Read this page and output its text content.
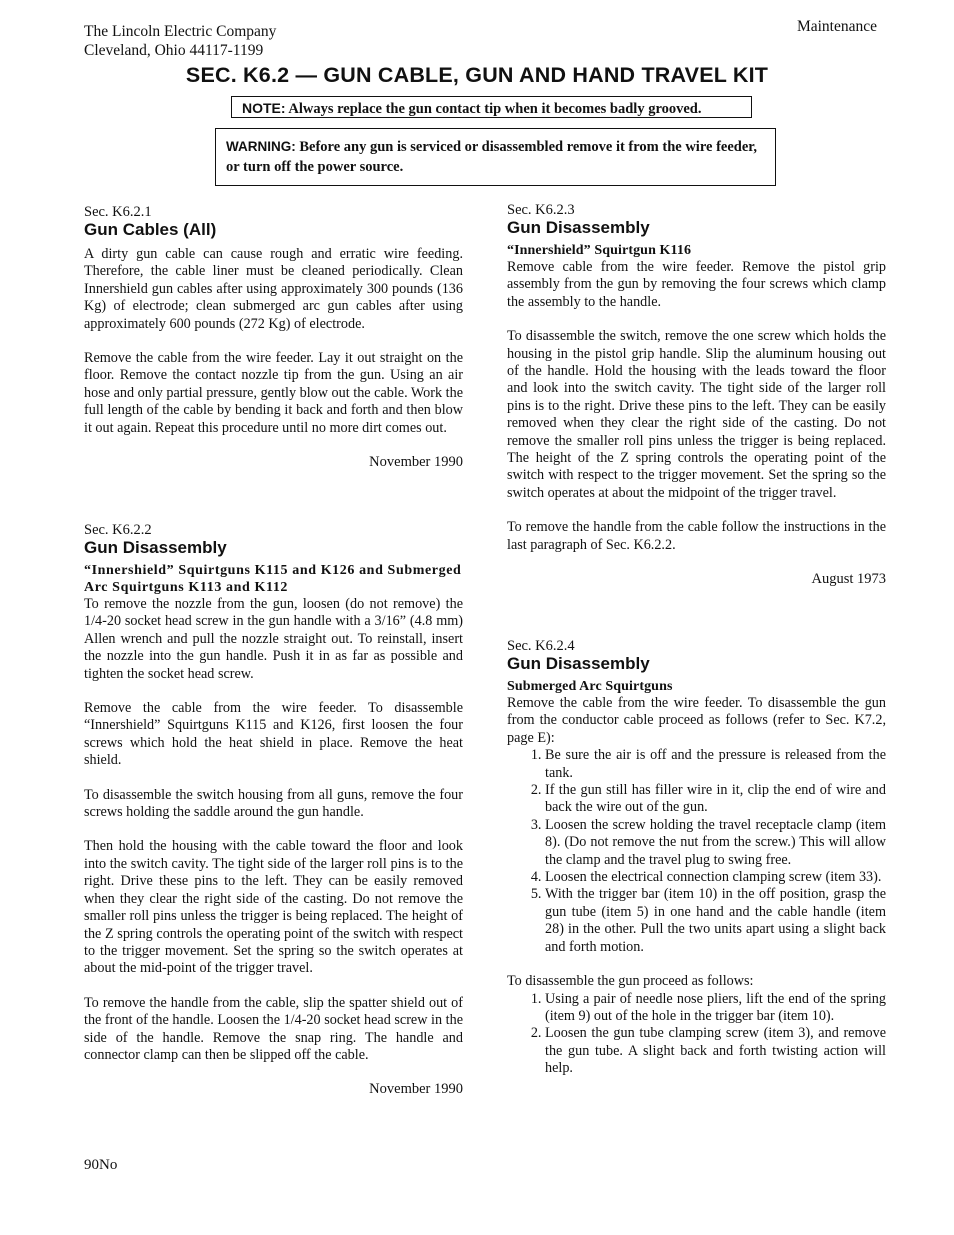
The Lincoln Electric Company
Cleveland, Ohio 44117-1199
Maintenance
SEC. K6.2 — GUN CABLE, GUN AND HAND TRAVEL KIT
NOTE: Always replace the gun contact tip when it becomes badly grooved.
WARNING: Before any gun is serviced or disassembled remove it from the wire feeder, or turn off the power source.
Sec. K6.2.1
Gun Cables (All)

A dirty gun cable can cause rough and erratic wire feeding. Therefore, the cable liner must be cleaned periodically. Clean Innershield gun cables after using approximately 300 pounds (136 Kg) of electrode; clean submerged arc gun cables after using approximately 600 pounds (272 Kg) of electrode.

Remove the cable from the wire feeder. Lay it out straight on the floor. Remove the contact nozzle tip from the gun. Using an air hose and only partial pressure, gently blow out the cable. Work the full length of the cable by bending it back and forth and then blow it out again. Repeat this procedure until no more dirt comes out.

November 1990
Sec. K6.2.2
Gun Disassembly
“Innershield” Squirtguns K115 and K126 and Submerged Arc Squirtguns K113 and K112

To remove the nozzle from the gun, loosen (do not remove) the 1/4-20 socket head screw in the gun handle with a 3/16” (4.8 mm) Allen wrench and pull the nozzle straight out. To reinstall, insert the nozzle into the gun handle. Push it in as far as possible and tighten the socket head screw.

Remove the cable from the wire feeder. To disassemble “Innershield” Squirtguns K115 and K126, first loosen the four screws which hold the heat shield in place. Remove the heat shield.

To disassemble the switch housing from all guns, remove the four screws holding the saddle around the gun handle.

Then hold the housing with the cable toward the floor and look into the switch cavity. The tight side of the larger roll pins is to the right. Drive these pins to the left. They can be easily removed when they clear the right side of the casting. Do not remove the smaller roll pins unless the trigger is being replaced. The height of the Z spring controls the operating point of the switch with respect to the trigger movement. Set the spring so the switch operates at about the mid-point of the trigger travel.

To remove the handle from the cable, slip the spatter shield out of the front of the handle. Loosen the 1/4-20 socket head screw in the side of the handle. Remove the snap ring. The handle and connector clamp can then be slipped off the cable.

November 1990
Sec. K6.2.3
Gun Disassembly
“Innershield” Squirtgun K116

Remove cable from the wire feeder. Remove the pistol grip assembly from the gun by removing the four screws which clamp the assembly to the handle.

To disassemble the switch, remove the one screw which holds the housing in the pistol grip handle. Slip the aluminum housing out of the handle. Hold the housing with the leads toward the floor and look into the switch cavity. The tight side of the larger roll pins is to the right. Drive these pins to the left. They can be easily removed when they clear the right side of the casting. Do not remove the smaller roll pins unless the trigger is being replaced. The height of the Z spring controls the operating point of the switch with respect to the trigger movement. Set the spring so the switch operates at about the midpoint of the trigger travel.

To remove the handle from the cable follow the instructions in the last paragraph of Sec. K6.2.2.

August 1973
Sec. K6.2.4
Gun Disassembly
Submerged Arc Squirtguns

Remove the cable from the wire feeder. To disassemble the gun from the conductor cable proceed as follows (refer to Sec. K7.2, page E):

1. Be sure the air is off and the pressure is released from the tank.
2. If the gun still has filler wire in it, clip the end of wire and back the wire out of the gun.
3. Loosen the screw holding the travel receptacle clamp (item 8). (Do not remove the nut from the screw.) This will allow the clamp and the travel plug to swing free.
4. Loosen the electrical connection clamping screw (item 33).
5. With the trigger bar (item 10) in the off position, grasp the gun tube (item 5) in one hand and the cable handle (item 28) in the other. Pull the two units apart using a slight back and forth motion.

To disassemble the gun proceed as follows:

1. Using a pair of needle nose pliers, lift the end of the spring (item 9) out of the hole in the trigger bar (item 10).
2. Loosen the gun tube clamping screw (item 3), and remove the gun tube. A slight back and forth twisting action will help.
90No
